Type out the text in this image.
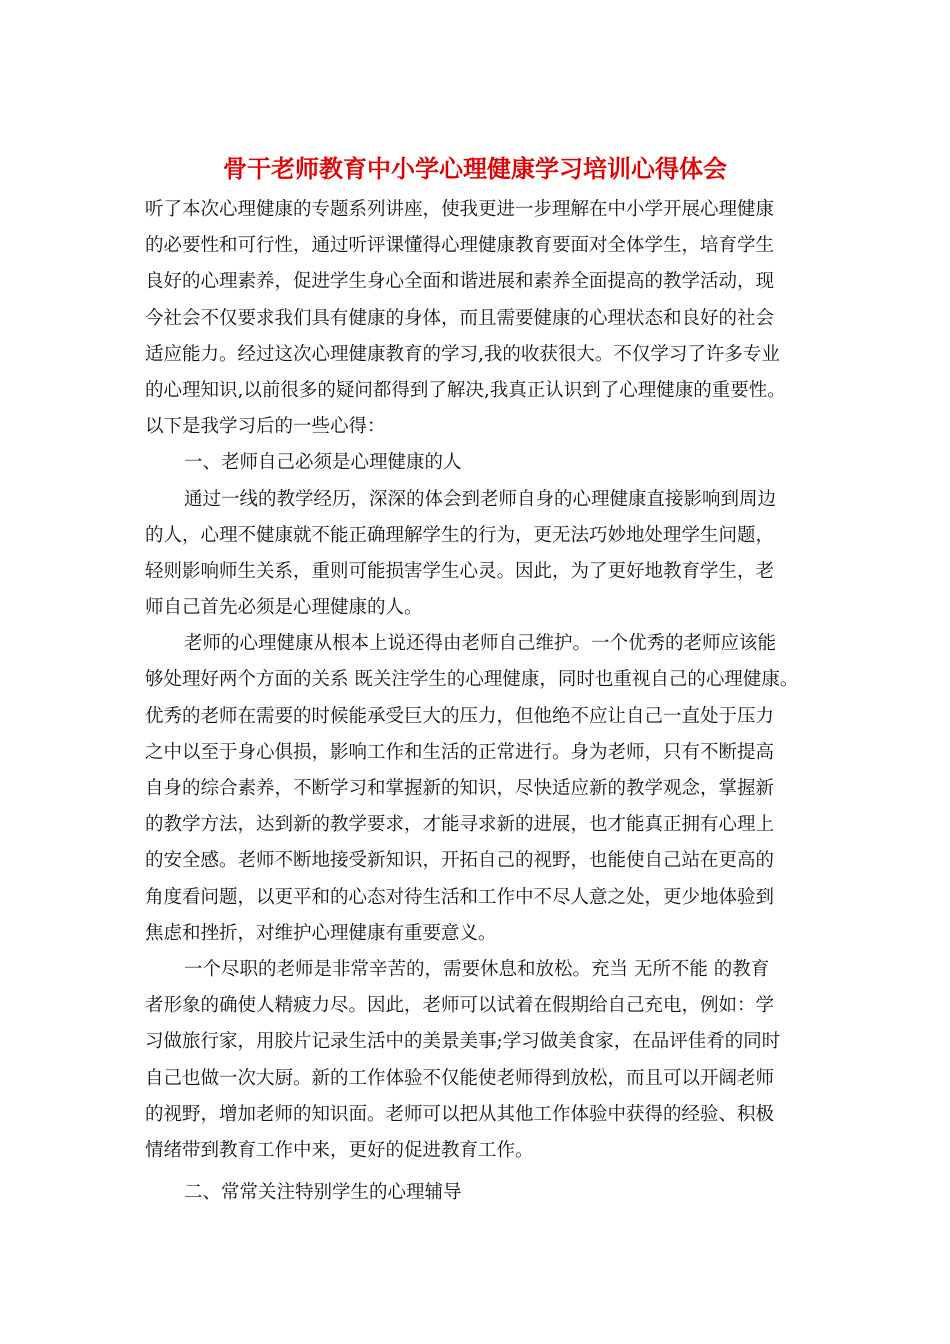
骨干老师教育中小学心理健康学习培训心得体会
听了本次心理健康的专题系列讲座，使我更进一步理解在中小学开展心理健康
的必要性和可行性，通过听评课懂得心理健康教育要面对全体学生，培育学生
良好的心理素养，促进学生身心全面和谐进展和素养全面提高的教学活动，现
今社会不仅要求我们具有健康的身体，而且需要健康的心理状态和良好的社会
适应能力。经过这次心理健康教育的学习,我的收获很大。不仅学习了许多专业
的心理知识,以前很多的疑问都得到了解决,我真正认识到了心理健康的重要性。
以下是我学习后的一些心得：
一、老师自己必须是心理健康的人
通过一线的教学经历，深深的体会到老师自身的心理健康直接影响到周边
的人，心理不健康就不能正确理解学生的行为，更无法巧妙地处理学生问题，
轻则影响师生关系，重则可能损害学生心灵。因此，为了更好地教育学生，老
师自己首先必须是心理健康的人。
老师的心理健康从根本上说还得由老师自己维护。一个优秀的老师应该能
够处理好两个方面的关系 既关注学生的心理健康，同时也重视自己的心理健康。
优秀的老师在需要的时候能承受巨大的压力，但他绝不应让自己一直处于压力
之中以至于身心俱损，影响工作和生活的正常进行。身为老师，只有不断提高
自身的综合素养，不断学习和掌握新的知识，尽快适应新的教学观念，掌握新
的教学方法，达到新的教学要求，才能寻求新的进展，也才能真正拥有心理上
的安全感。老师不断地接受新知识，开拓自己的视野，也能使自己站在更高的
角度看问题，以更平和的心态对待生活和工作中不尽人意之处，更少地体验到
焦虑和挫折，对维护心理健康有重要意义。
一个尽职的老师是非常辛苦的，需要休息和放松。充当 无所不能 的教育
者形象的确使人精疲力尽。因此，老师可以试着在假期给自己充电，例如：学
习做旅行家，用胶片记录生活中的美景美事;学习做美食家，在品评佳肴的同时
自己也做一次大厨。新的工作体验不仅能使老师得到放松，而且可以开阔老师
的视野，增加老师的知识面。老师可以把从其他工作体验中获得的经验、积极
情绪带到教育工作中来，更好的促进教育工作。
二、常常关注特别学生的心理辅导
